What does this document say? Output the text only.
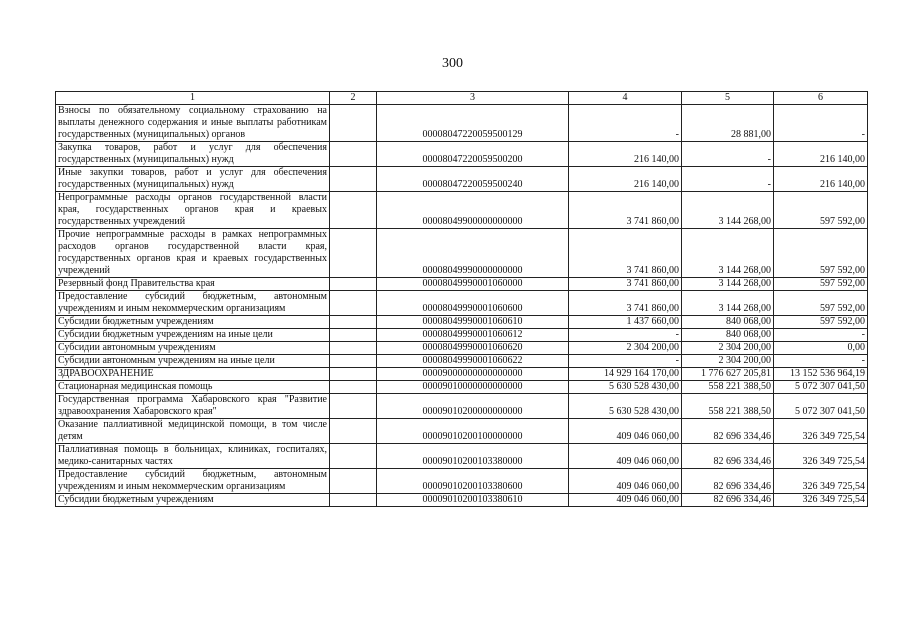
300
1	2	3	4	5	6
Взносы по обязательному социальному страхованию на выплаты денежного содержания и иные выплаты работникам государственных (муниципальных) органов		00008047220059500129	-	28 881,00	-
Закупка товаров, работ и услуг для обеспечения государственных (муниципальных) нужд		00008047220059500200	216 140,00	-	216 140,00
Иные закупки товаров, работ и услуг для обеспечения государственных (муниципальных) нужд		00008047220059500240	216 140,00	-	216 140,00
Непрограммные расходы органов государственной власти края, государственных органов края и краевых государственных учреждений		00008049900000000000	3 741 860,00	3 144 268,00	597 592,00
Прочие непрограммные расходы в рамках непрограммных расходов органов государственной власти края, государственных органов края и краевых государственных учреждений		00008049990000000000	3 741 860,00	3 144 268,00	597 592,00
Резервный фонд Правительства края		00008049990001060000	3 741 860,00	3 144 268,00	597 592,00
Предоставление субсидий бюджетным, автономным учреждениям и иным некоммерческим организациям		00008049990001060600	3 741 860,00	3 144 268,00	597 592,00
Субсидии бюджетным учреждениям		00008049990001060610	1 437 660,00	840 068,00	597 592,00
Субсидии бюджетным учреждениям на иные цели		00008049990001060612	-	840 068,00	-
Субсидии автономным учреждениям		00008049990001060620	2 304 200,00	2 304 200,00	0,00
Субсидии автономным учреждениям на иные цели		00008049990001060622	-	2 304 200,00	-
ЗДРАВООХРАНЕНИЕ		00009000000000000000	14 929 164 170,00	1 776 627 205,81	13 152 536 964,19
Стационарная медицинская помощь		00009010000000000000	5 630 528 430,00	558 221 388,50	5 072 307 041,50
Государственная программа Хабаровского края "Развитие здравоохранения Хабаровского края"		00009010200000000000	5 630 528 430,00	558 221 388,50	5 072 307 041,50
Оказание паллиативной медицинской помощи, в том числе детям		00009010200100000000	409 046 060,00	82 696 334,46	326 349 725,54
Паллиативная помощь в больницах, клиниках, госпиталях, медико-санитарных частях		00009010200103380000	409 046 060,00	82 696 334,46	326 349 725,54
Предоставление субсидий бюджетным, автономным учреждениям и иным некоммерческим организациям		00009010200103380600	409 046 060,00	82 696 334,46	326 349 725,54
Субсидии бюджетным учреждениям		00009010200103380610	409 046 060,00	82 696 334,46	326 349 725,54
